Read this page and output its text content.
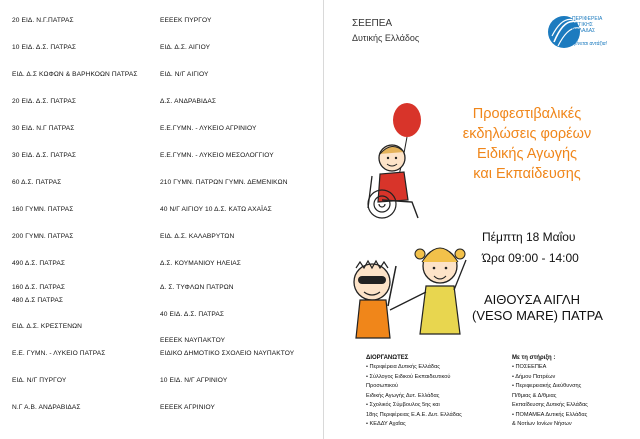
20 ΕΙΔ. Ν.Γ.ΠΑΤΡΑΣ
10 ΕΙΔ. Δ.Σ. ΠΑΤΡΑΣ
ΕΙΔ. Δ.Σ ΚΩΦΩΝ & ΒΑΡΗΚΟΩΝ ΠΑΤΡΑΣ
20 ΕΙΔ. Δ.Σ. ΠΑΤΡΑΣ
30 ΕΙΔ. Ν.Γ ΠΑΤΡΑΣ
30 ΕΙΔ. Δ.Σ. ΠΑΤΡΑΣ
60 Δ.Σ. ΠΑΤΡΑΣ
160 ΓΥΜΝ. ΠΑΤΡΑΣ
200 ΓΥΜΝ. ΠΑΤΡΑΣ
490 Δ.Σ. ΠΑΤΡΑΣ
160 Δ.Σ. ΠΑΤΡΑΣ
480 Δ.Σ ΠΑΤΡΑΣ
ΕΙΔ. Δ.Σ. ΚΡΕΣΤΕΝΩΝ
Ε.Ε. ΓΥΜΝ. - ΛΥΚΕΙΟ ΠΑΤΡΑΣ
ΕΙΔ. Ν/Γ ΠΥΡΓΟΥ
Ν.Γ Α.Β. ΑΝΔΡΑΒΙΔΑΣ
ΕΕΕΕΚ ΠΥΡΓΟΥ
ΕΙΔ. Δ.Σ. ΑΙΓΙΟΥ
ΕΙΔ. Ν/Γ ΑΙΓΙΟΥ
Δ.Σ. ΑΝΔΡΑΒΙΔΑΣ
Ε.Ε.ΓΥΜΝ. - ΛΥΚΕΙΟ ΑΓΡΙΝΙΟΥ
Ε.Ε.ΓΥΜΝ. - ΛΥΚΕΙΟ ΜΕΣΟΛΟΓΓΙΟΥ
210 ΓΥΜΝ. ΠΑΤΡΩΝ ΓΥΜΝ. ΔΕΜΕΝΙΚΩΝ
40 Ν/Γ ΑΙΓΙΟΥ 10 Δ.Σ. ΚΑΤΩ ΑΧΑΪΑΣ
ΕΙΔ. Δ.Σ. ΚΑΛΑΒΡΥΤΩΝ
Δ.Σ. ΚΟΥΜΑΝΙΟΥ ΗΛΕΙΑΣ
Δ. Σ. ΤΥΦΛΩΝ ΠΑΤΡΩΝ
40 ΕΙΔ. Δ.Σ. ΠΑΤΡΑΣ
ΕΕΕΕΚ ΝΑΥΠΑΚΤΟΥ
ΕΙΔΙΚΟ ΔΗΜΟΤΙΚΟ ΣΧΟΛΕΙΟ ΝΑΥΠΑΚΤΟΥ
10 ΕΙΔ. Ν/Γ ΑΓΡΙΝΙΟΥ
ΕΕΕΕΚ ΑΓΡΙΝΙΟΥ
ΣΕΕΠΕΑ
Δυτικής Ελλάδος
ΠΕΡΙΦΕΡΕΙΑ
ΔΥΤΙΚΗΣ
ΕΛΛΑΔΑΣ
γίνεται αντάξια!
Προφεστιβαλικές
εκδηλώσεις φορέων
Ειδικής Αγωγής
και Εκπαίδευσης
Πέμπτη 18 Μαΐου
Ώρα 09:00 - 14:00
ΑΙΘΟΥΣΑ ΑΙΓΛΗ
(VESO MARE) ΠΑΤΡΑ
ΔΙΟΡΓΑΝΩΤΕΣ
• Περιφέρεια Δυτικής Ελλάδας
• Σύλλογος Ειδικού Εκπαιδευτικού
Προσωπικού
Ειδικής Αγωγής Δυτ. Ελλάδας
• Σχολικός Σύμβουλος 5ης και
18ης Περιφέρειας Ε.Α.Ε. Δυτ. Ελλάδας
• ΚΕΔΔΥ Αχαΐας
Με τη στήριξη :
• ΠΟΣΕΕΠΕΑ
• Δήμου Πατρέων
• Περιφερειακής Διεύθυνσης
Π/θμιας & Δ/θμιας
Εκπαίδευσης Δυτικής Ελλάδας
• ΠΟΜΑΜΕΑ Δυτικής Ελλάδας
& Νοτίων Ιονίων Νήσων
